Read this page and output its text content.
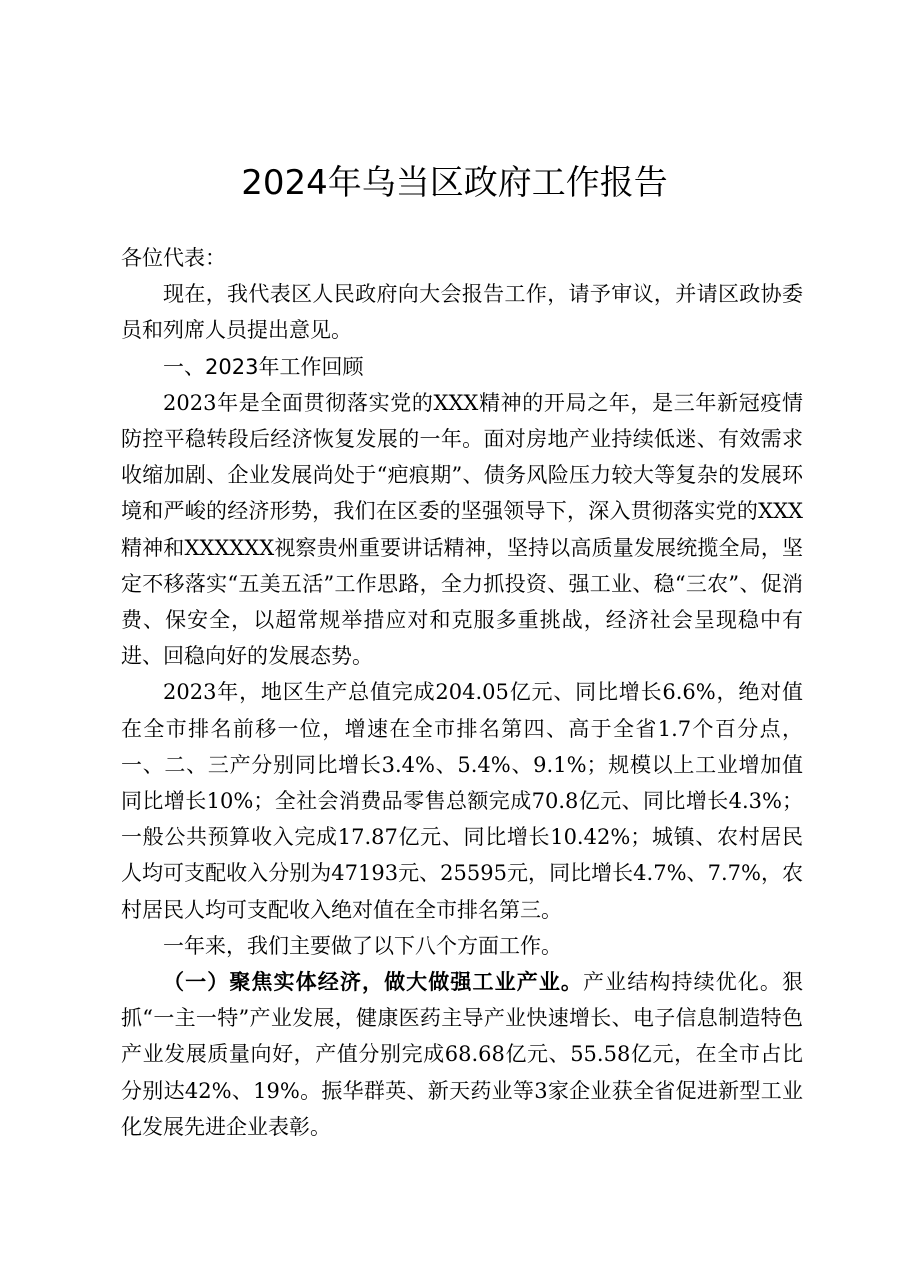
2024年乌当区政府工作报告

各位代表：

现在，我代表区人民政府向大会报告工作，请予审议，并请区政协委员和列席人员提出意见。

一、2023年工作回顾

2023年是全面贯彻落实党的XXX精神的开局之年，是三年新冠疫情防控平稳转段后经济恢复发展的一年。面对房地产业持续低迷、有效需求收缩加剧、企业发展尚处于“疤痕期”、债务风险压力较大等复杂的发展环境和严峻的经济形势，我们在区委的坚强领导下，深入贯彻落实党的XXX精神和XXXXXX视察贵州重要讲话精神，坚持以高质量发展统揽全局，坚定不移落实“五美五活”工作思路，全力抓投资、强工业、稳“三农”、促消费、保安全，以超常规举措应对和克服多重挑战，经济社会呈现稳中有进、回稳向好的发展态势。

2023年，地区生产总值完成204.05亿元、同比增长6.6%，绝对值在全市排名前移一位，增速在全市排名第四、高于全省1.7个百分点，一、二、三产分别同比增长3.4%、5.4%、9.1%；规模以上工业增加值同比增长10%；全社会消费品零售总额完成70.8亿元、同比增长4.3%；一般公共预算收入完成17.87亿元、同比增长10.42%；城镇、农村居民人均可支配收入分别为47193元、25595元，同比增长4.7%、7.7%，农村居民人均可支配收入绝对值在全市排名第三。

一年来，我们主要做了以下八个方面工作。

（一）聚焦实体经济，做大做强工业产业。产业结构持续优化。狠抓“一主一特”产业发展，健康医药主导产业快速增长、电子信息制造特色产业发展质量向好，产值分别完成68.68亿元、55.58亿元，在全市占比分别达42%、19%。振华群英、新天药业等3家企业获全省促进新型工业化发展先进企业表彰。
